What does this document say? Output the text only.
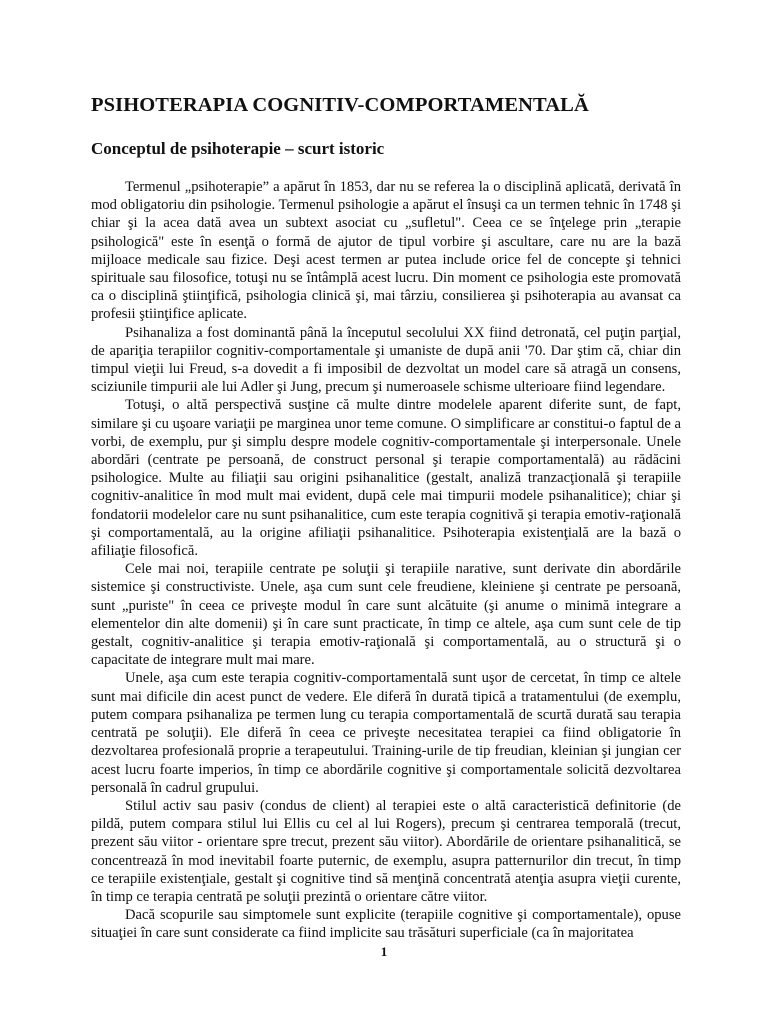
PSIHOTERAPIA COGNITIV-COMPORTAMENTALĂ
Conceptul de psihoterapie – scurt istoric

Termenul „psihoterapie” a apărut în 1853, dar nu se referea la o disciplină aplicată, derivată în mod obligatoriu din psihologie. Termenul psihologie a apărut el însuşi ca un termen tehnic în 1748 şi chiar şi la acea dată avea un subtext asociat cu „sufletul". Ceea ce se înţelege prin „terapie psihologică" este în esenţă o formă de ajutor de tipul vorbire şi ascultare, care nu are la bază mijloace medicale sau fizice. Deşi acest termen ar putea include orice fel de concepte şi tehnici spirituale sau filosofice, totuşi nu se întâmplă acest lucru. Din moment ce psihologia este promovată ca o disciplină ştiinţifică, psihologia clinică şi, mai târziu, consilierea şi psihoterapia au avansat ca profesii ştiinţifice aplicate.

Psihanaliza a fost dominantă până la începutul secolului XX fiind detronată, cel puţin parţial, de apariţia terapiilor cognitiv-comportamentale şi umaniste de după anii '70. Dar ştim că, chiar din timpul vieţii lui Freud, s-a dovedit a fi imposibil de dezvoltat un model care să atragă un consens, sciziunile timpurii ale lui Adler şi Jung, precum şi numeroasele schisme ulterioare fiind legendare.

Totuşi, o altă perspectivă susţine că multe dintre modelele aparent diferite sunt, de fapt, similare şi cu uşoare variaţii pe marginea unor teme comune. O simplificare ar constitui-o faptul de a vorbi, de exemplu, pur şi simplu despre modele cognitiv-comportamentale şi interpersonale. Unele abordări (centrate pe persoană, de construct personal şi terapie comportamentală) au rădăcini psihologice. Multe au filiaţii sau origini psihanalitice (gestalt, analiză tranzacţională şi terapiile cognitiv-analitice în mod mult mai evident, după cele mai timpurii modele psihanalitice); chiar şi fondatorii modelelor care nu sunt psihanalitice, cum este terapia cognitivă şi terapia emotiv-raţională şi comportamentală, au la origine afiliaţii psihanalitice. Psihoterapia existenţială are la bază o afiliaţie filosofică.

Cele mai noi, terapiile centrate pe soluţii şi terapiile narative, sunt derivate din abordările sistemice şi constructiviste. Unele, aşa cum sunt cele freudiene, kleiniene şi centrate pe persoană, sunt „puriste" în ceea ce priveşte modul în care sunt alcătuite (şi anume o minimă integrare a elementelor din alte domenii) şi în care sunt practicate, în timp ce altele, aşa cum sunt cele de tip gestalt, cognitiv-analitice şi terapia emotiv-raţională şi comportamentală, au o structură şi o capacitate de integrare mult mai mare.

Unele, aşa cum este terapia cognitiv-comportamentală sunt uşor de cercetat, în timp ce altele sunt mai dificile din acest punct de vedere. Ele diferă în durată tipică a tratamentului (de exemplu, putem compara psihanaliza pe termen lung cu terapia comportamentală de scurtă durată sau terapia centrată pe soluţii). Ele diferă în ceea ce priveşte necesitatea terapiei ca fiind obligatorie în dezvoltarea profesională proprie a terapeutului. Training-urile de tip freudian, kleinian şi jungian cer acest lucru foarte imperios, în timp ce abordările cognitive şi comportamentale solicită dezvoltarea personală în cadrul grupului.

Stilul activ sau pasiv (condus de client) al terapiei este o altă caracteristică definitorie (de pildă, putem compara stilul lui Ellis cu cel al lui Rogers), precum şi centrarea temporală (trecut, prezent său viitor - orientare spre trecut, prezent său viitor). Abordările de orientare psihanalitică, se concentrează în mod inevitabil foarte puternic, de exemplu, asupra patternurilor din trecut, în timp ce terapiile existenţiale, gestalt şi cognitive tind să menţină concentrată atenţia asupra vieţii curente, în timp ce terapia centrată pe soluţii prezintă o orientare către viitor.

Dacă scopurile sau simptomele sunt explicite (terapiile cognitive şi comportamentale), opuse situaţiei în care sunt considerate ca fiind implicite sau trăsături superficiale (ca în majoritatea

1
